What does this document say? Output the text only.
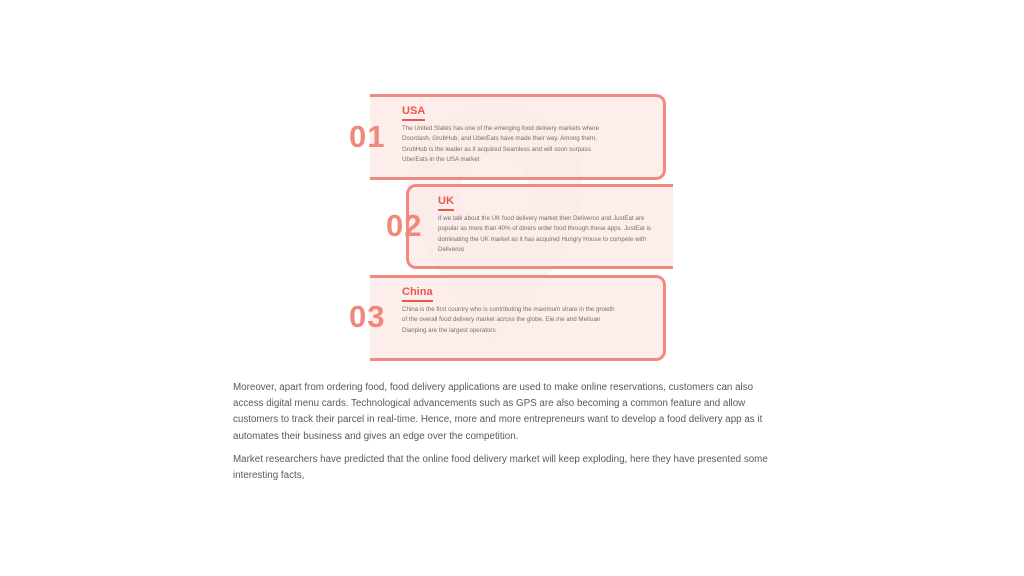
01
USA
The United States has one of the emerging food delivery markets where Doordash, GrubHub, and UberEats have made their way. Among them, GrubHub is the leader as it acquired Seamless and will soon surpass UberEats in the USA market
02
UK
If we talk about the UK food delivery market then Deliveroo and JustEat are popular as more than 40% of diners order food through these apps. JustEat is dominating the UK market as it has acquired Hungry House to compete with Deliveroo
03
China
China is the first country who is contributing the maximum share in the growth of the overall food delivery market across the globe. Ele.me and Meituan Dianping are the largest operators

Moreover, apart from ordering food, food delivery applications are used to make online reservations, customers can also access digital menu cards. Technological advancements such as GPS are also becoming a common feature and allow customers to track their parcel in real-time. Hence, more and more entrepreneurs want to develop a food delivery app as it automates their business and gives an edge over the competition.

Market researchers have predicted that the online food delivery market will keep exploding, here they have presented some interesting facts,
